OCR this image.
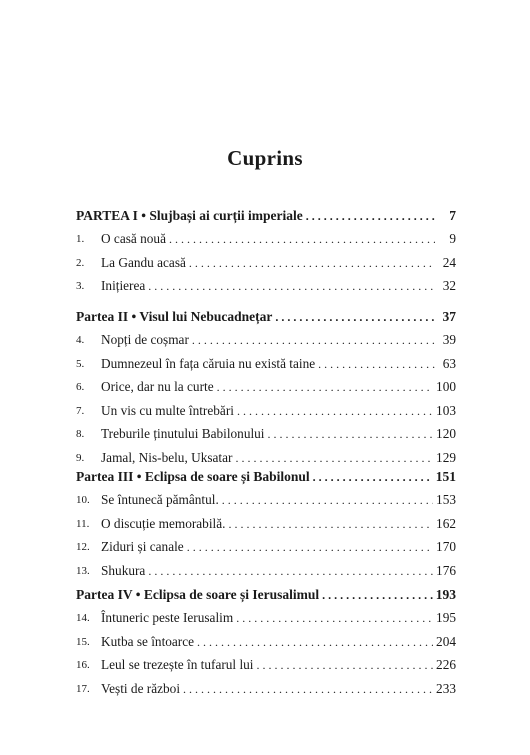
Cuprins
PARTEA I • Slujbași ai curții imperiale . . .	7
1.	O casă nouă . . .	9
2.	La Gandu acasă . . .	24
3.	Inițierea . . .	32
Partea II • Visul lui Nebucadnețar . . .	37
4.	Nopți de coșmar . . .	39
5.	Dumnezeul în fața căruia nu există taine . . .	63
6.	Orice, dar nu la curte . . .	100
7.	Un vis cu multe întrebări . . .	103
8.	Treburile ținutului Babilonului . . .	120
9.	Jamal, Nis-belu, Uksatar . . .	129
Partea III • Eclipsa de soare și Babilonul . . .	151
10. Se întunecă pământul. . . .	153
11. O discuție memorabilă. . . .	162
12. Ziduri și canale . . .	170
13. Shukura . . .	176
Partea IV • Eclipsa de soare și Ierusalimul . . .	193
14. Întuneric peste Ierusalim . . .	195
15. Kutba se întoarce . . .	204
16. Leul se trezește în tufarul lui . . .	226
17. Vești de război . . .	233
